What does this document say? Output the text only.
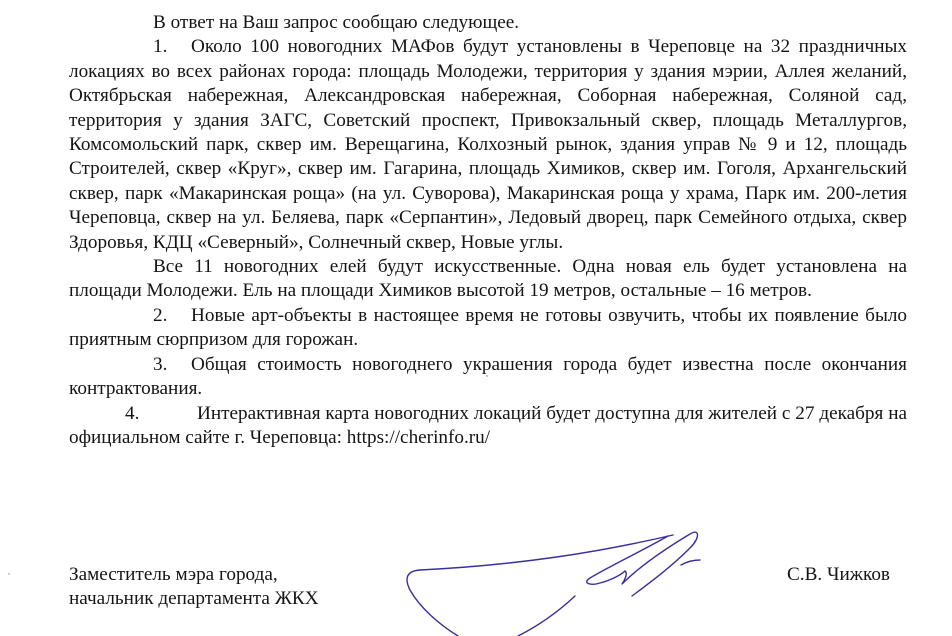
В ответ на Ваш запрос сообщаю следующее.

1. Около 100 новогодних МАФов будут установлены в Череповце на 32 праздничных локациях во всех районах города: площадь Молодежи, территория у здания мэрии, Аллея желаний, Октябрьская набережная, Александровская набережная, Соборная набережная, Соляной сад, территория у здания ЗАГС, Советский проспект, Привокзальный сквер, площадь Металлургов, Комсомольский парк, сквер им. Верещагина, Колхозный рынок, здания управ № 9 и 12, площадь Строителей, сквер «Круг», сквер им. Гагарина, площадь Химиков, сквер им. Гоголя, Архангельский сквер, парк «Макаринская роща» (на ул. Суворова), Макаринская роща у храма, Парк им. 200-летия Череповца, сквер на ул. Беляева, парк «Серпантин», Ледовый дворец, парк Семейного отдыха, сквер Здоровья, КДЦ «Северный», Солнечный сквер, Новые углы.

Все 11 новогодних елей будут искусственные. Одна новая ель будет установлена на площади Молодежи. Ель на площади Химиков высотой 19 метров, остальные – 16 метров.

2. Новые арт-объекты в настоящее время не готовы озвучить, чтобы их появление было приятным сюрпризом для горожан.

3. Общая стоимость новогоднего украшения города будет известна после окончания контрактования.

4.	Интерактивная карта новогодних локаций будет доступна для жителей с 27 декабря на официальном сайте г. Череповца: https://cherinfo.ru/

Заместитель мэра города,
начальник департамента ЖКХ
С.В. Чижков
